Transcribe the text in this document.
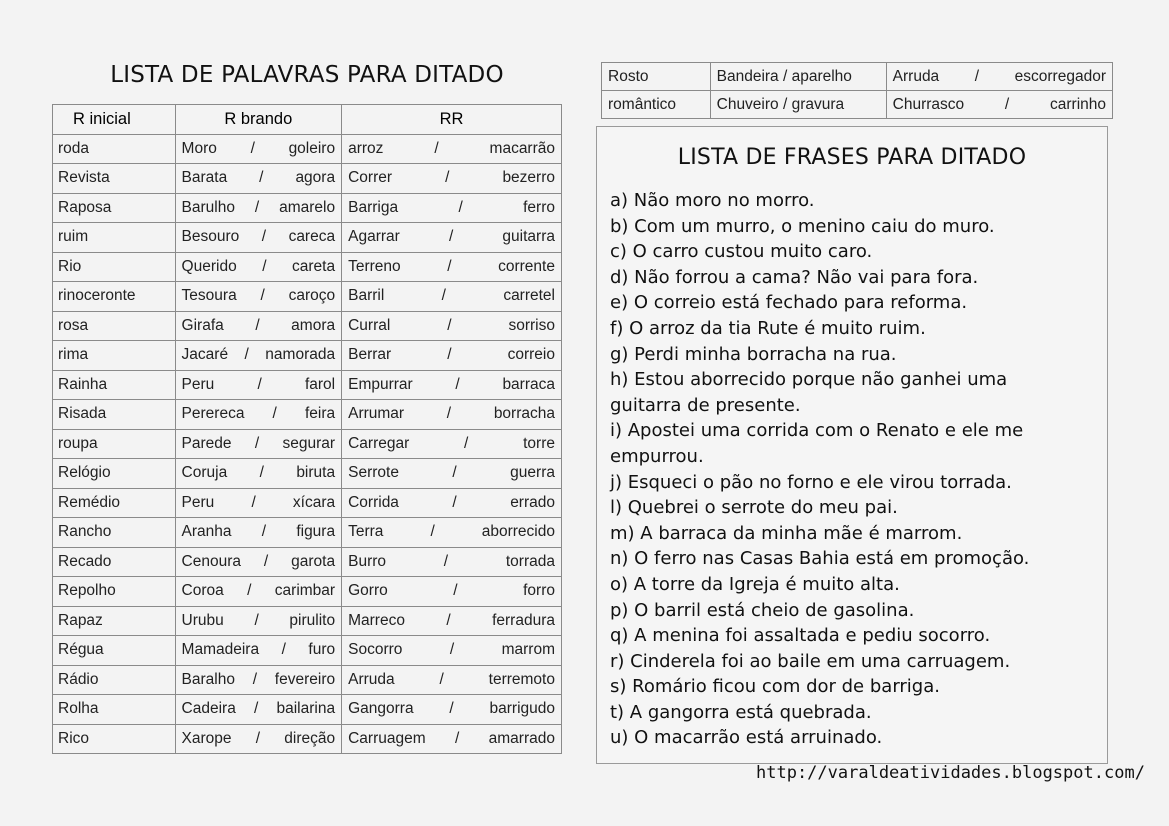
LISTA DE PALAVRAS PARA DITADO
R inicial	R brando	RR
roda	Moro / goleiro	arroz / macarrão

Revista	Barata / agora	Correr / bezerro

Raposa	Barulho / amarelo	Barriga / ferro

ruim	Besouro / careca	Agarrar / guitarra

Rio	Querido / careta	Terreno / corrente

rinoceronte	Tesoura / caroço	Barril / carretel

rosa	Girafa / amora	Curral / sorriso

rima	Jacaré / namorada	Berrar / correio

Rainha	Peru / farol	Empurrar / barraca

Risada	Perereca / feira	Arrumar / borracha

roupa	Parede / segurar	Carregar / torre

Relógio	Coruja / biruta	Serrote / guerra

Remédio	Peru / xícara	Corrida / errado

Rancho	Aranha / figura	Terra / aborrecido

Recado	Cenoura / garota	Burro / torrada

Repolho	Coroa / carimbar	Gorro / forro

Rapaz	Urubu / pirulito	Marreco / ferradura

Régua	Mamadeira / furo	Socorro / marrom

Rádio	Baralho / fevereiro	Arruda / terremoto

Rolha	Cadeira / bailarina	Gangorra / barrigudo

Rico	Xarope / direção	Carruagem / amarrado
Rosto	Bandeira / aparelho	Arruda / escorregador

romântico	Chuveiro / gravura	Churrasco / carrinho
LISTA DE FRASES PARA DITADO
a) Não moro no morro.
b) Com um murro, o menino caiu do muro.
c) O carro custou muito caro.
d) Não forrou a cama? Não vai para fora.
e) O correio está fechado para reforma.
f) O arroz da tia Rute é muito ruim.
g) Perdi minha borracha na rua.
h) Estou aborrecido porque não ganhei uma guitarra de presente.
i) Apostei uma corrida com o Renato e ele me empurrou.
j) Esqueci o pão no forno e ele virou torrada.
l) Quebrei o serrote do meu pai.
m) A barraca da minha mãe é marrom.
n) O ferro nas Casas Bahia está em promoção.
o) A torre da Igreja é muito alta.
p) O barril está cheio de gasolina.
q) A menina foi assaltada e pediu socorro.
r) Cinderela foi ao baile em uma carruagem.
s) Romário ficou com dor de barriga.
t) A gangorra está quebrada.
u) O macarrão está arruinado.
http://varaldeatividades.blogspot.com/
